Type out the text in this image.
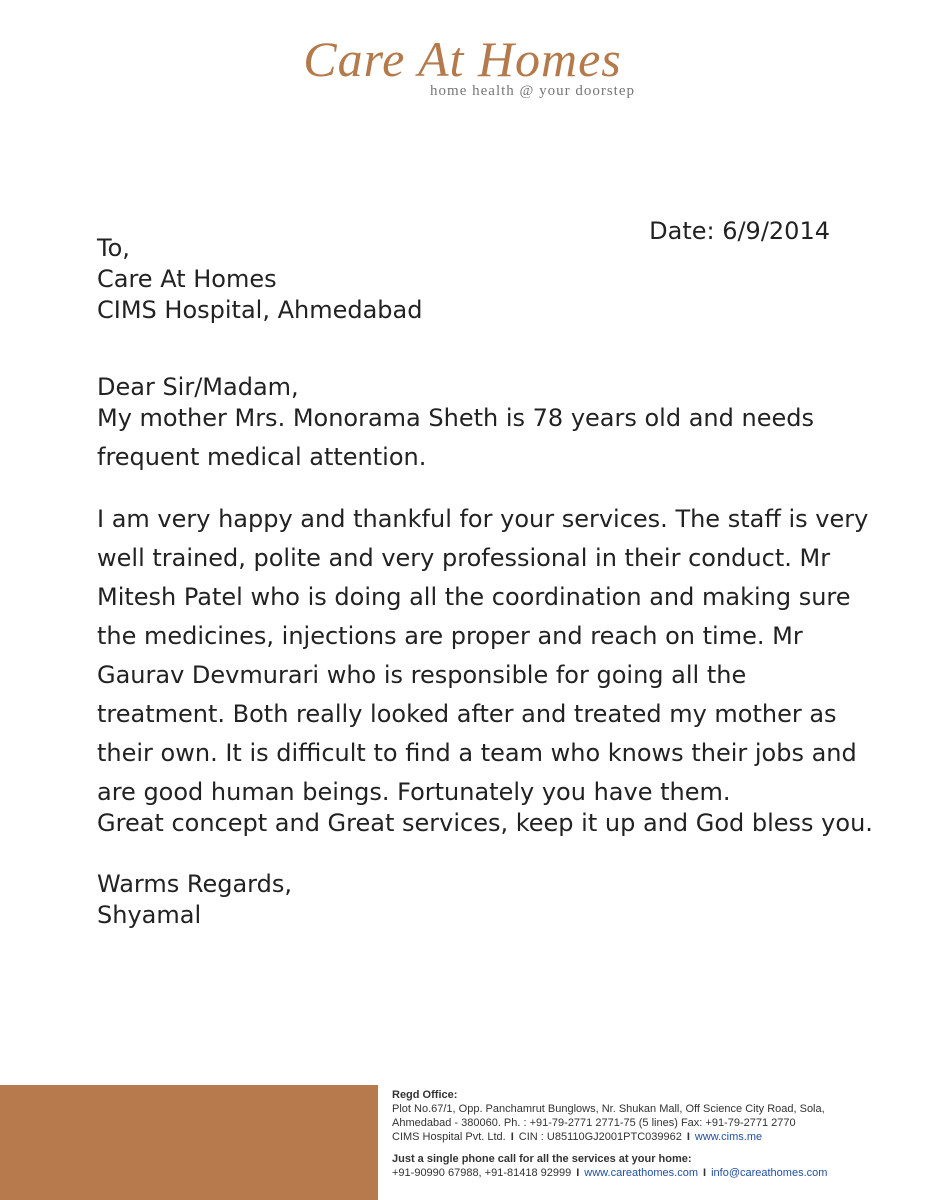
Care At Homes
home health @ your doorstep
Date: 6/9/2014
To,
Care At Homes
CIMS Hospital, Ahmedabad
Dear Sir/Madam,
My mother Mrs. Monorama Sheth is 78 years old and needs
frequent medical attention.
I am very happy and thankful for your services. The staff is very
well trained, polite and very professional in their conduct. Mr
Mitesh Patel who is doing all the coordination and making sure
the medicines, injections are proper and reach on time. Mr
Gaurav Devmurari who is responsible for going all the
treatment. Both really looked after and treated my mother as
their own. It is difficult to find a team who knows their jobs and
are good human beings. Fortunately you have them.
Great concept and Great services, keep it up and God bless you.
Warms Regards,
Shyamal
Regd Office:
Plot No.67/1, Opp. Panchamrut Bunglows, Nr. Shukan Mall, Off Science City Road, Sola,
Ahmedabad - 380060. Ph. : +91-79-2771 2771-75 (5 lines) Fax: +91-79-2771 2770
CIMS Hospital Pvt. Ltd. I CIN : U85110GJ2001PTC039962 I www.cims.me
Just a single phone call for all the services at your home:
+91-90990 67988, +91-81418 92999 I www.careathomes.com I info@careathomes.com
